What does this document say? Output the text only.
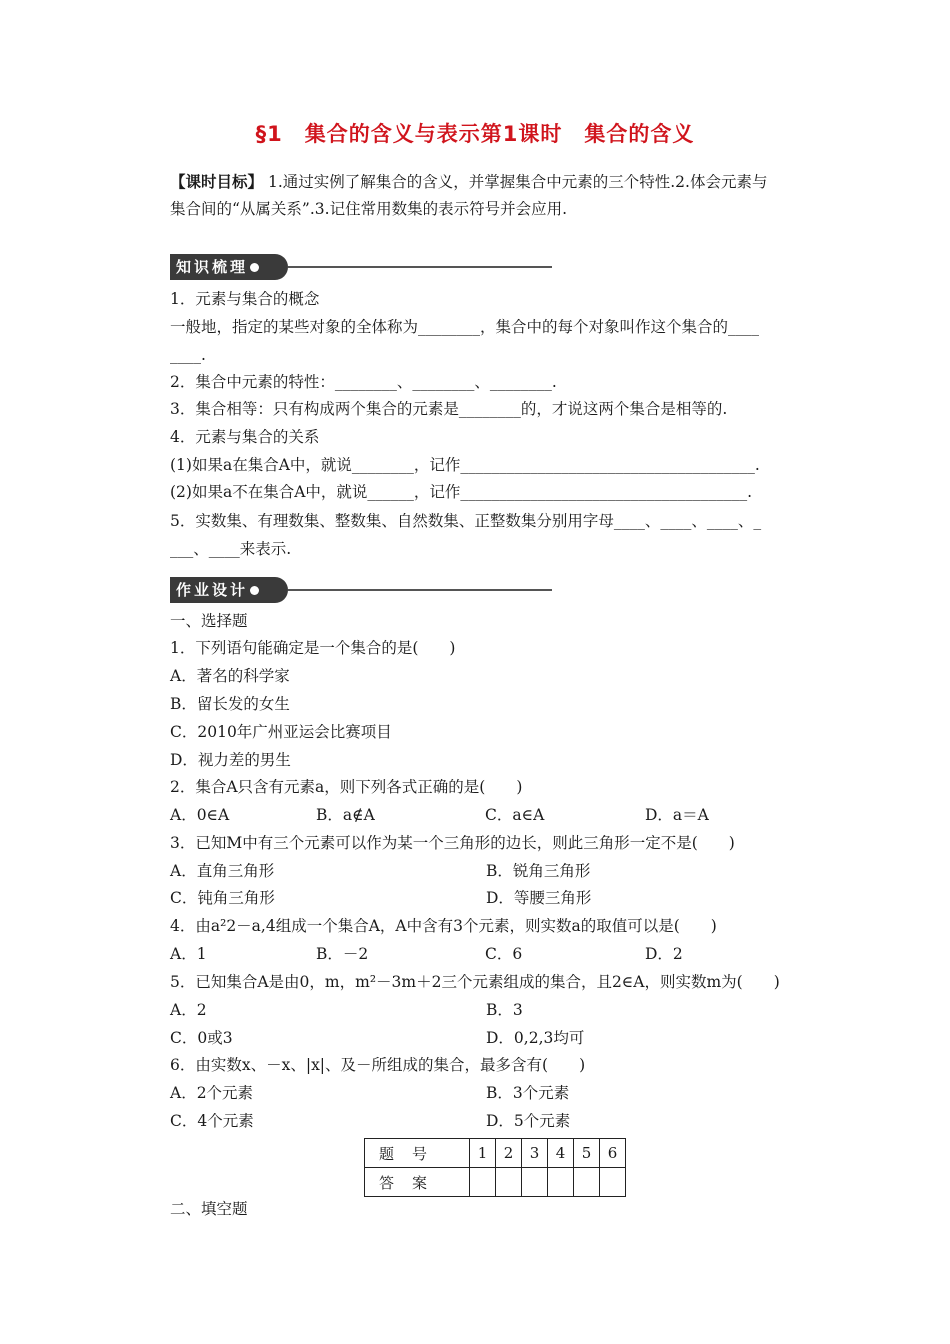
§1　集合的含义与表示第1课时　集合的含义
【课时目标】 1.通过实例了解集合的含义，并掌握集合中元素的三个特性.2.体会元素与
集合间的“从属关系”.3.记住常用数集的表示符号并会应用.
知识梳理
1．元素与集合的概念
一般地，指定的某些对象的全体称为________，集合中的每个对象叫作这个集合的____
____.
2．集合中元素的特性：________、________、________.
3．集合相等：只有构成两个集合的元素是________的，才说这两个集合是相等的.
4．元素与集合的关系
(1)如果a在集合A中，就说________，记作______________________________________.
(2)如果a不在集合A中，就说______，记作_____________________________________.
5．实数集、有理数集、整数集、自然数集、正整数集分别用字母____、____、____、_
___、____来表示.
作业设计
一、选择题
1．下列语句能确定是一个集合的是(　　)
A．著名的科学家
B．留长发的女生
C．2010年广州亚运会比赛项目
D．视力差的男生
2．集合A只含有元素a，则下列各式正确的是(　　)
A．0∈A	B．a∉A	C．a∈A	D．a＝A
3．已知M中有三个元素可以作为某一个三角形的边长，则此三角形一定不是(　　)
A．直角三角形	B．锐角三角形
C．钝角三角形	D．等腰三角形
4．由a²2－a,4组成一个集合A，A中含有3个元素，则实数a的取值可以是(　　)
A．1	B．－2	C．6	D．2
5．已知集合A是由0，m，m²－3m＋2三个元素组成的集合，且2∈A，则实数m为(　　)
A．2	B．3
C．0或3	D．0,2,3均可
6．由实数x、－x、|x|、及－所组成的集合，最多含有(　　)
A．2个元素	B．3个元素
C．4个元素	D．5个元素
题号	1	2	3	4	5	6
答案						
二、填空题
